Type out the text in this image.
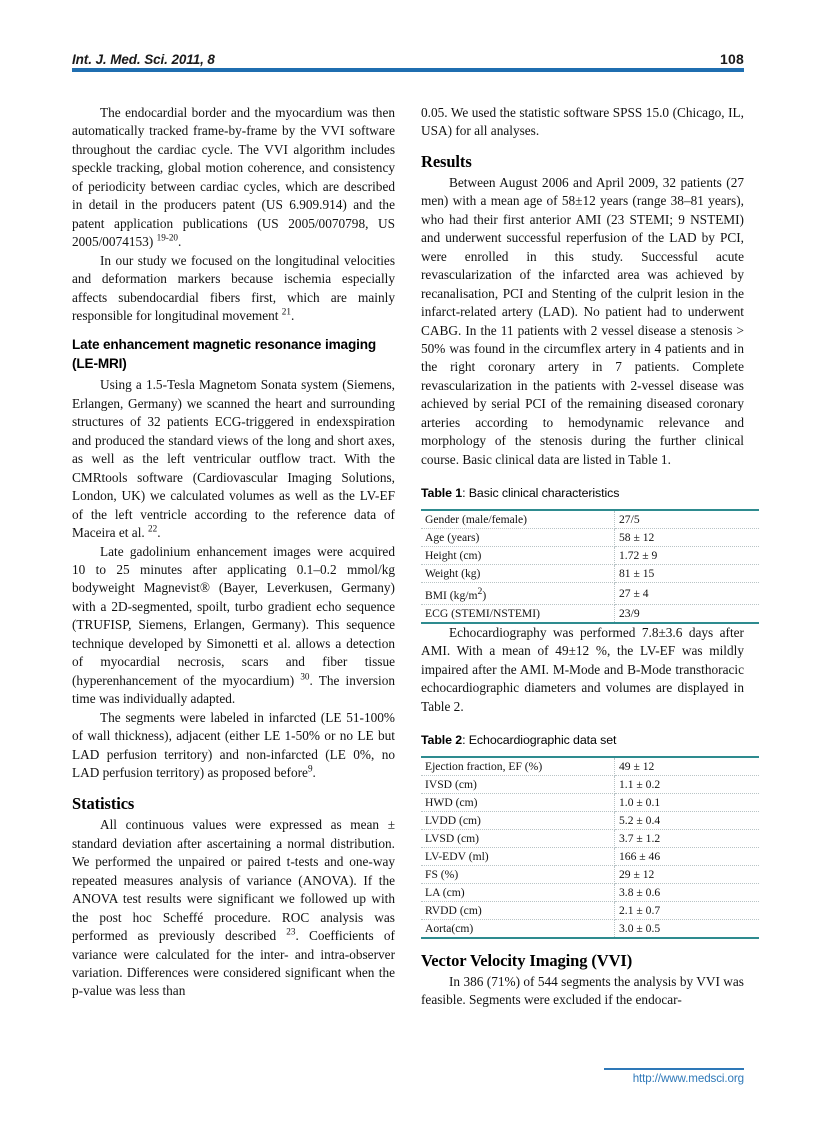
Int. J. Med. Sci. 2011, 8	108

The endocardial border and the myocardium was then automatically tracked frame-by-frame by the VVI software throughout the cardiac cycle. The VVI algorithm includes speckle tracking, global motion coherence, and consistency of periodicity between cardiac cycles, which are described in detail in the producers patent (US 6.909.914) and the patent application publications (US 2005/0070798, US 2005/0074153) $^{19-20}$.

In our study we focused on the longitudinal velocities and deformation markers because ischemia especially affects subendocardial fibers first, which are mainly responsible for longitudinal movement $^{21}$.

Late enhancement magnetic resonance imaging (LE-MRI)

Using a 1.5-Tesla Magnetom Sonata system (Siemens, Erlangen, Germany) we scanned the heart and surrounding structures of 32 patients ECG-triggered in endexspiration and produced the standard views of the long and short axes, as well as the left ventricular outflow tract. With the CMRtools software (Cardiovascular Imaging Solutions, London, UK) we calculated volumes as well as the LV-EF of the left ventricle according to the reference data of Maceira et al. $^{22}$.

Late gadolinium enhancement images were acquired 10 to 25 minutes after applicating 0.1–0.2 mmol/kg bodyweight Magnevist® (Bayer, Leverkusen, Germany) with a 2D-segmented, spoilt, turbo gradient echo sequence (TRUFISP, Siemens, Erlangen, Germany). This sequence technique developed by Simonetti et al. allows a detection of myocardial necrosis, scars and fiber tissue (hyperenhancement of the myocardium) $^{30}$. The inversion time was individually adapted.

The segments were labeled in infarcted (LE 51-100% of wall thickness), adjacent (either LE 1-50% or no LE but LAD perfusion territory) and non-infarcted (LE 0%, no LAD perfusion territory) as proposed before$^9$.

Statistics

All continuous values were expressed as mean ± standard deviation after ascertaining a normal distribution. We performed the unpaired or paired t-tests and one-way repeated measures analysis of variance (ANOVA). If the ANOVA test results were significant we followed up with the post hoc Scheffé procedure. ROC analysis was performed as previously described $^{23}$. Coefficients of variance were calculated for the inter- and intra-observer variation. Differences were considered significant when the p-value was less than

0.05. We used the statistic software SPSS 15.0 (Chicago, IL, USA) for all analyses.

Results

Between August 2006 and April 2009, 32 patients (27 men) with a mean age of 58±12 years (range 38–81 years), who had their first anterior AMI (23 STEMI; 9 NSTEMI) and underwent successful reperfusion of the LAD by PCI, were enrolled in this study. Successful acute revascularization of the infarcted area was achieved by recanalisation, PCI and Stenting of the culprit lesion in the infarct-related artery (LAD). No patient had to underwent CABG. In the 11 patients with 2 vessel disease a stenosis > 50% was found in the circumflex artery in 4 patients and in the right coronary artery in 7 patients. Complete revascularization in the patients with 2-vessel disease was achieved by serial PCI of the remaining diseased coronary arteries according to hemodynamic relevance and morphology of the stenosis during the further clinical course. Basic clinical data are listed in Table 1.

Table 1: Basic clinical characteristics
Gender (male/female)	27/5
Age (years)	58 ± 12
Height (cm)	1.72 ± 9
Weight (kg)	81 ± 15
BMI $(kg/m^2)$	27 ± 4
ECG (STEMI/NSTEMI)	23/9

Echocardiography was performed 7.8±3.6 days after AMI. With a mean of 49±12 %, the LV-EF was mildly impaired after the AMI. M-Mode and B-Mode transthoracic echocardiographic diameters and volumes are displayed in Table 2.

Table 2: Echocardiographic data set
Ejection fraction, EF (%)	49 ± 12
IVSD (cm)	1.1 ± 0.2
HWD (cm)	1.0 ± 0.1
LVDD (cm)	5.2 ± 0.4
LVSD (cm)	3.7 ± 1.2
LV-EDV (ml)	166 ± 46
FS (%)	29 ± 12
LA (cm)	3.8 ± 0.6
RVDD (cm)	2.1 ± 0.7
Aorta(cm)	3.0 ± 0.5
Vector Velocity Imaging (VVI)

In 386 (71%) of 544 segments the analysis by VVI was feasible. Segments were excluded if the endocar-

http://www.medsci.org
